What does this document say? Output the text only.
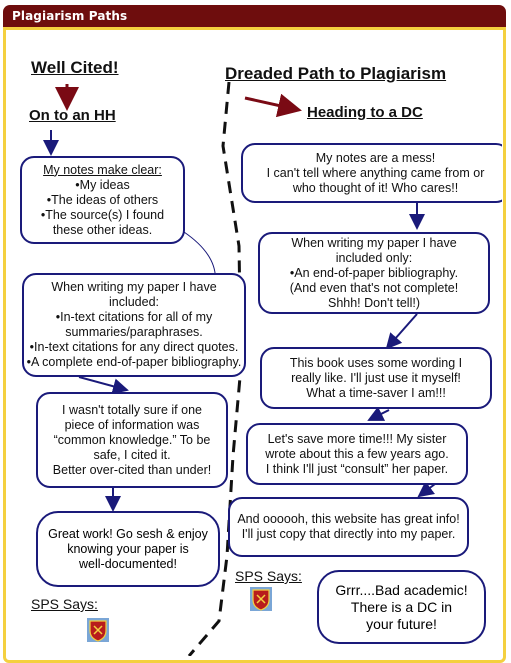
Plagiarism Paths
Well Cited!
On to an HH
Dreaded Path to Plagiarism
Heading to a DC
My notes make clear:
•My ideas
•The ideas of others
•The source(s) I found
these other ideas.
When writing my paper I have
included:
•In-text citations for all of my
summaries/paraphrases.
•In-text citations for any direct quotes.
•A complete end-of-paper bibliography.
I wasn't totally sure if one
piece of information was
“common knowledge.” To be
safe, I cited it.
Better over-cited than under!
Great work! Go sesh & enjoy
knowing your paper is
well-documented!
SPS Says:
My notes are a mess!
I can't tell where anything came from or
who thought of it! Who cares!!
When writing my paper I have
included only:
•An end-of-paper bibliography.
(And even that's not complete!
Shhh! Don't tell!)
This book uses some wording I
really like. I'll just use it myself!
What a time-saver I am!!!
Let's save more time!!! My sister
wrote about this a few years ago.
I think I'll just “consult” her paper.
And oooooh, this website has great info!
I'll just copy that directly into my paper.
SPS Says:
Grrr....Bad academic!
There is a DC in
your future!
